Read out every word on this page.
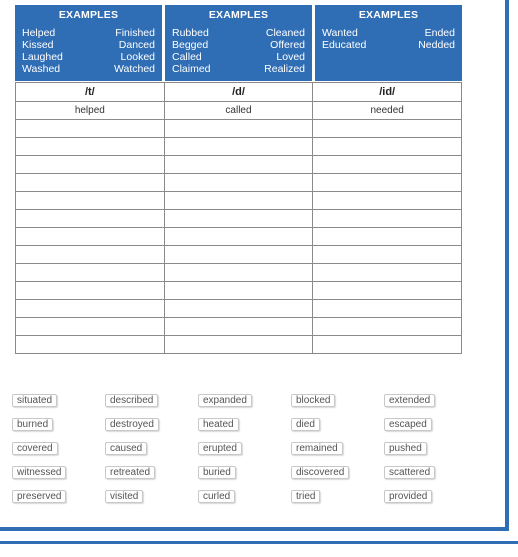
EXAMPLES
Helped	Finished
Kissed	Danced
Laughed	Looked
Washed	Watched
EXAMPLES
Rubbed	Cleaned
Begged	Offered
Called	Loved
Claimed	Realized
EXAMPLES
Wanted	Ended
Educated	Nedded
/t/	/d/	/id/
helped	called	needed

situated	described	expanded	blocked	extended
burned	destroyed	heated	died	escaped
covered	caused	erupted	remained	pushed
witnessed	retreated	buried	discovered	scattered
preserved	visited	curled	tried	provided
